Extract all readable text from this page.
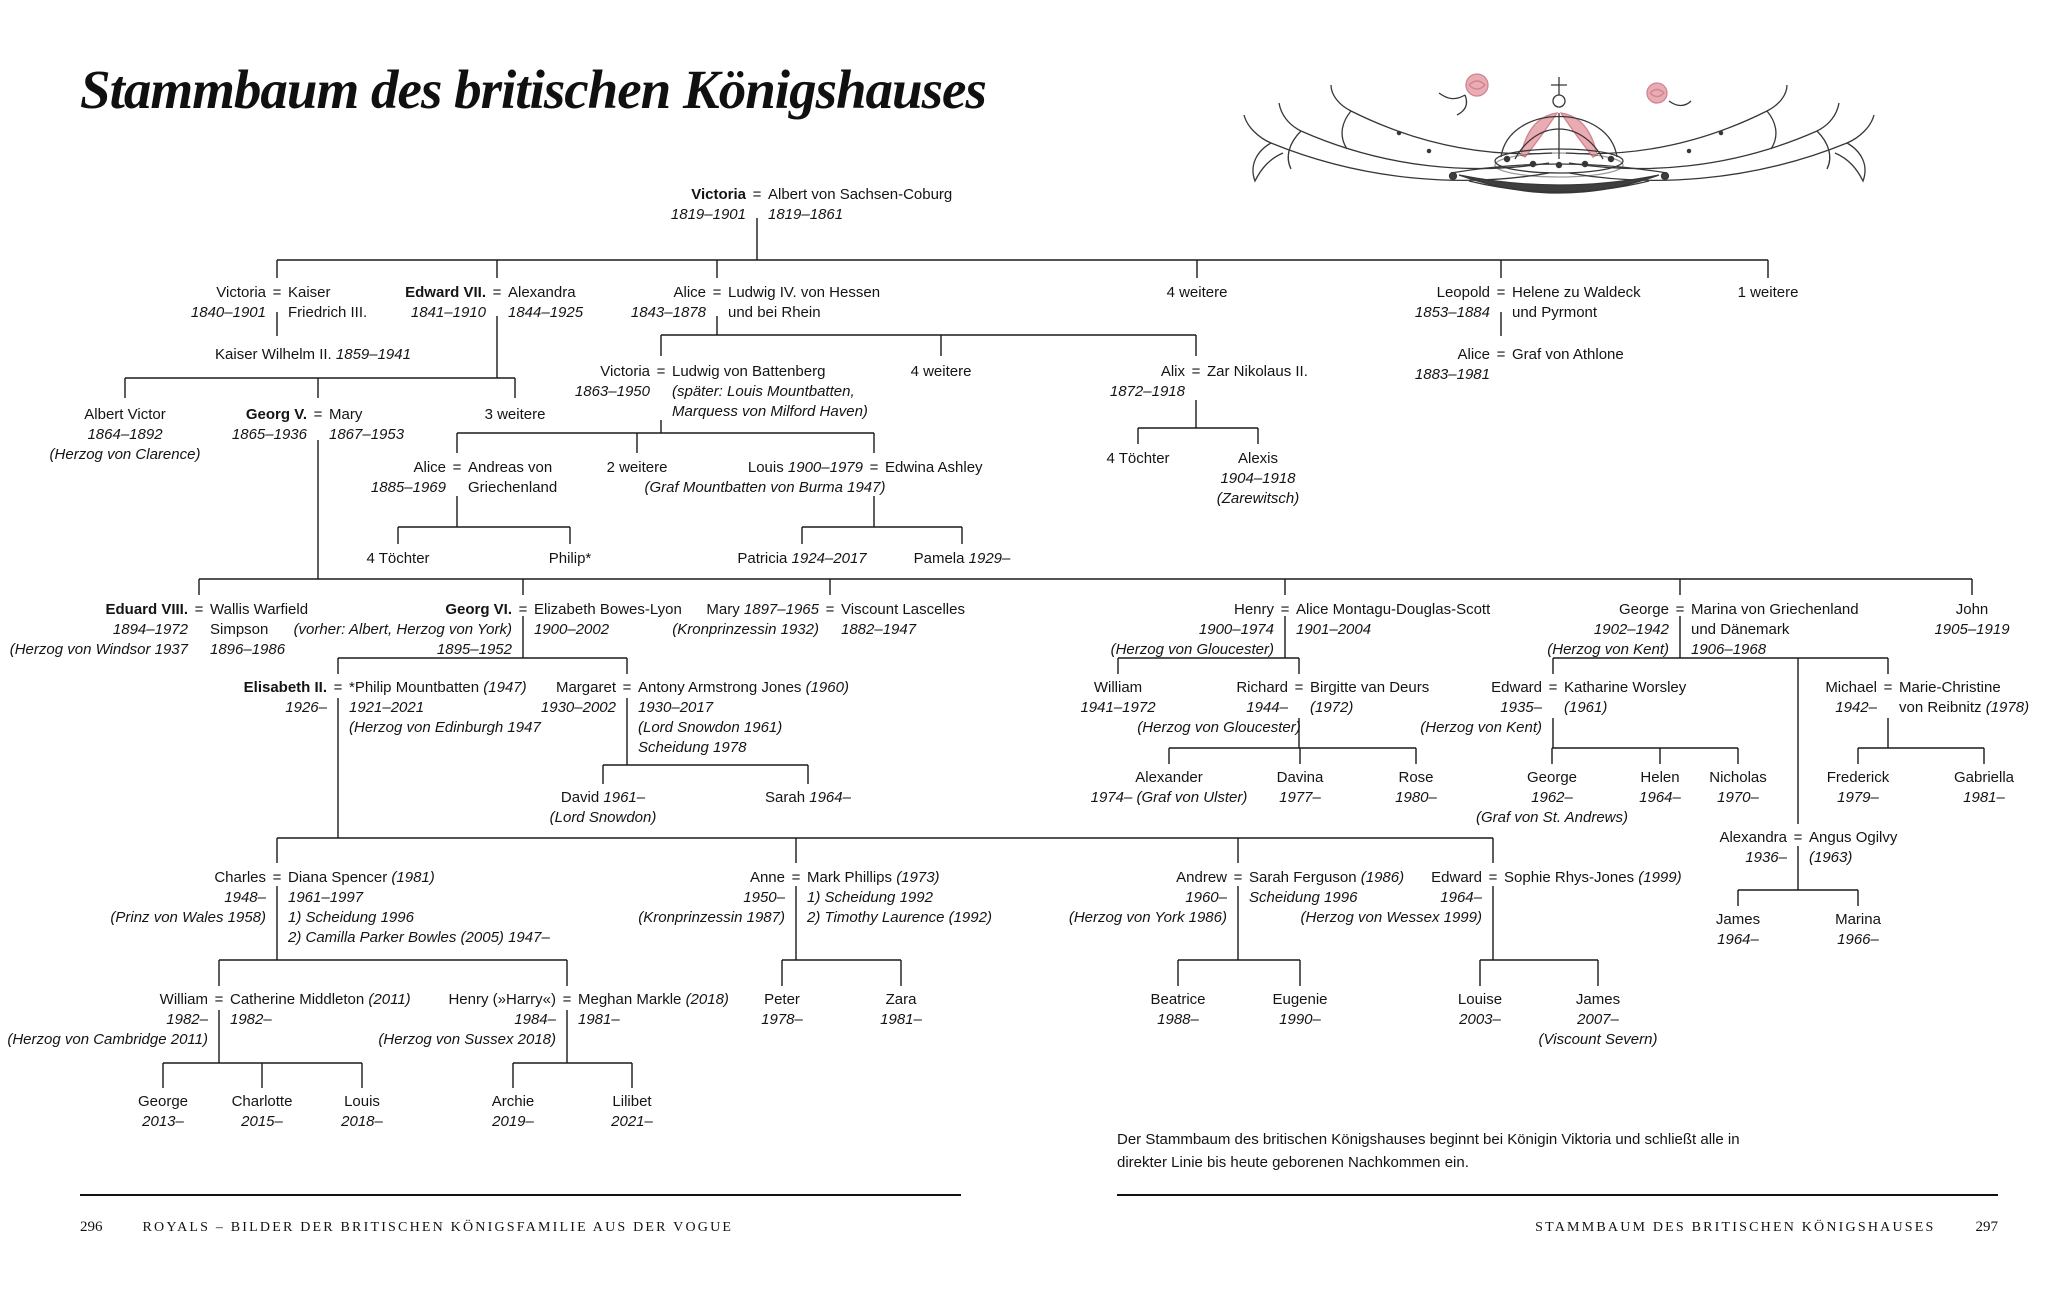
Stammbaum des britischen Königshauses
Victoria
1819–1901
= Albert von Sachsen-Coburg
1819–1861
Victoria
1840–1901
= Kaiser
Friedrich III.
Edward VII.
1841–1910
= Alexandra
1844–1925
Alice
1843–1878
= Ludwig IV. von Hessen
und bei Rhein
4 weitere	Leopold
1853–1884
= Helene zu Waldeck
und Pyrmont
1 weitere
Kaiser Wilhelm II. 1859–1941	Alice
1883–1981
= Graf von Athlone
Victoria
1863–1950
= Ludwig von Battenberg
(später: Louis Mountbatten,
Marquess von Milford Haven)
4 weitere	Alix
1872–1918
= Zar Nikolaus II.
Albert Victor
1864–1892
(Herzog von Clarence)
Georg V.
1865–1936
= Mary
1867–1953
3 weitere
4 Töchter	Alexis
1904–1918
(Zarewitsch)
Alice
1885–1969
= Andreas von
Griechenland
2 weitere	Louis 1900–1979 = Edwina Ashley
(Graf Mountbatten von Burma 1947)
4 Töchter	Philip*	Patricia 1924–2017	Pamela 1929–
Eduard VIII.
1894–1972
(Herzog von Windsor 1937
= Wallis Warfield
Simpson
1896–1986
Georg VI.
(vorher: Albert, Herzog von York)
1895–1952
= Elizabeth Bowes-Lyon
1900–2002
Mary 1897–1965
(Kronprinzessin 1932)
= Viscount Lascelles
1882–1947
Henry
1900–1974
(Herzog von Gloucester)
= Alice Montagu-Douglas-Scott
1901–2004
George
1902–1942
(Herzog von Kent)
= Marina von Griechenland
und Dänemark
1906–1968
John
1905–1919
Elisabeth II.
1926–
= *Philip Mountbatten (1947)
1921–2021
(Herzog von Edinburgh 1947
Margaret
1930–2002
= Antony Armstrong Jones (1960)
1930–2017
(Lord Snowdon 1961)
Scheidung 1978
William
1941–1972
Richard
1944–
= Birgitte van Deurs
(1972)
(Herzog von Gloucester)
Edward
1935–
(Herzog von Kent)
= Katharine Worsley
(1961)
Michael
1942–
= Marie-Christine
von Reibnitz (1978)
David 1961–
(Lord Snowdon)
Sarah 1964–
Alexander
1974– (Graf von Ulster)
Davina
1977–
Rose
1980–
George
1962–
(Graf von St. Andrews)
Helen
1964–
Nicholas
1970–
Frederick
1979–
Gabriella
1981–
Alexandra
1936–
= Angus Ogilvy
(1963)
James
1964–
Marina
1966–
Charles
1948–
(Prinz von Wales 1958)
= Diana Spencer (1981)
1961–1997
1) Scheidung 1996
2) Camilla Parker Bowles (2005) 1947–
Anne
1950–
(Kronprinzessin 1987)
= Mark Phillips (1973)
1) Scheidung 1992
2) Timothy Laurence (1992)
Andrew
1960–
(Herzog von York 1986)
= Sarah Ferguson (1986)
Scheidung 1996
Edward
1964–
(Herzog von Wessex 1999)
= Sophie Rhys-Jones (1999)
William
1982–
(Herzog von Cambridge 2011)
= Catherine Middleton (2011)
1982–
Henry (»Harry«)
1984–
(Herzog von Sussex 2018)
= Meghan Markle (2018)
1981–
Peter
1978–
Zara
1981–
Beatrice
1988–
Eugenie
1990–
Louise
2003–
James
2007–
(Viscount Severn)
George
2013–
Charlotte
2015–
Louis
2018–
Archie
2019–
Lilibet
2021–
Der Stammbaum des britischen Königshauses beginnt bei Königin Viktoria und schließt alle in
direkter Linie bis heute geborenen Nachkommen ein.
296	ROYALS – BILDER DER BRITISCHEN KÖNIGSFAMILIE AUS DER VOGUE	STAMMBAUM DES BRITISCHEN KÖNIGSHAUSES	297
